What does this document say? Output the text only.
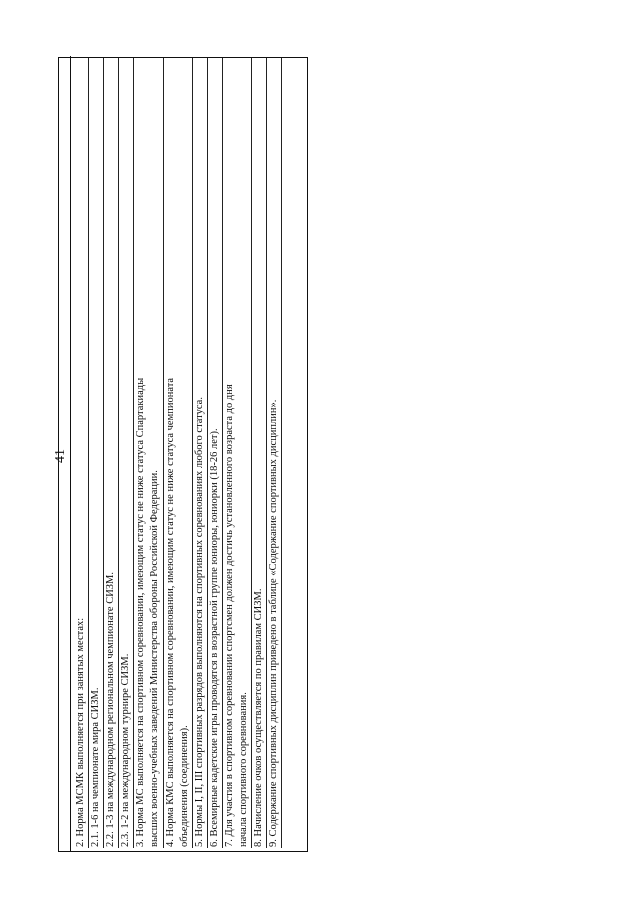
41
2. Норма МСМК выполняется при занятых местах: 2.1. 1-6 на чемпионате мира СИЗМ. 2.2. 1-3 на международном региональном чемпионате СИЗМ. 2.3. 1-2 на международном турнире СИЗМ. 3. Норма МС выполняется на спортивном соревновании, имеющим статус не ниже статуса Спартакиады высших военно-учебных заведений Министерства обороны Российской Федерации. 4. Норма КМС выполняется на спортивном соревновании, имеющим статус не ниже статуса чемпионата объединения (соединения). 5. Нормы I, II, III спортивных разрядов выполняются на спортивных соревнованиях любого статуса. 6. Всемирные кадетские игры проводятся в возрастной группе юниоры, юниорки (18-26 лет). 7. Для участия в спортивном соревновании спортсмен должен достичь установленного возраста до дня начала спортивного соревнования. 8. Начисление очков осуществляется по правилам СИЗМ. 9. Содержание спортивных дисциплин приведено в таблице «Содержание спортивных дисциплин».
